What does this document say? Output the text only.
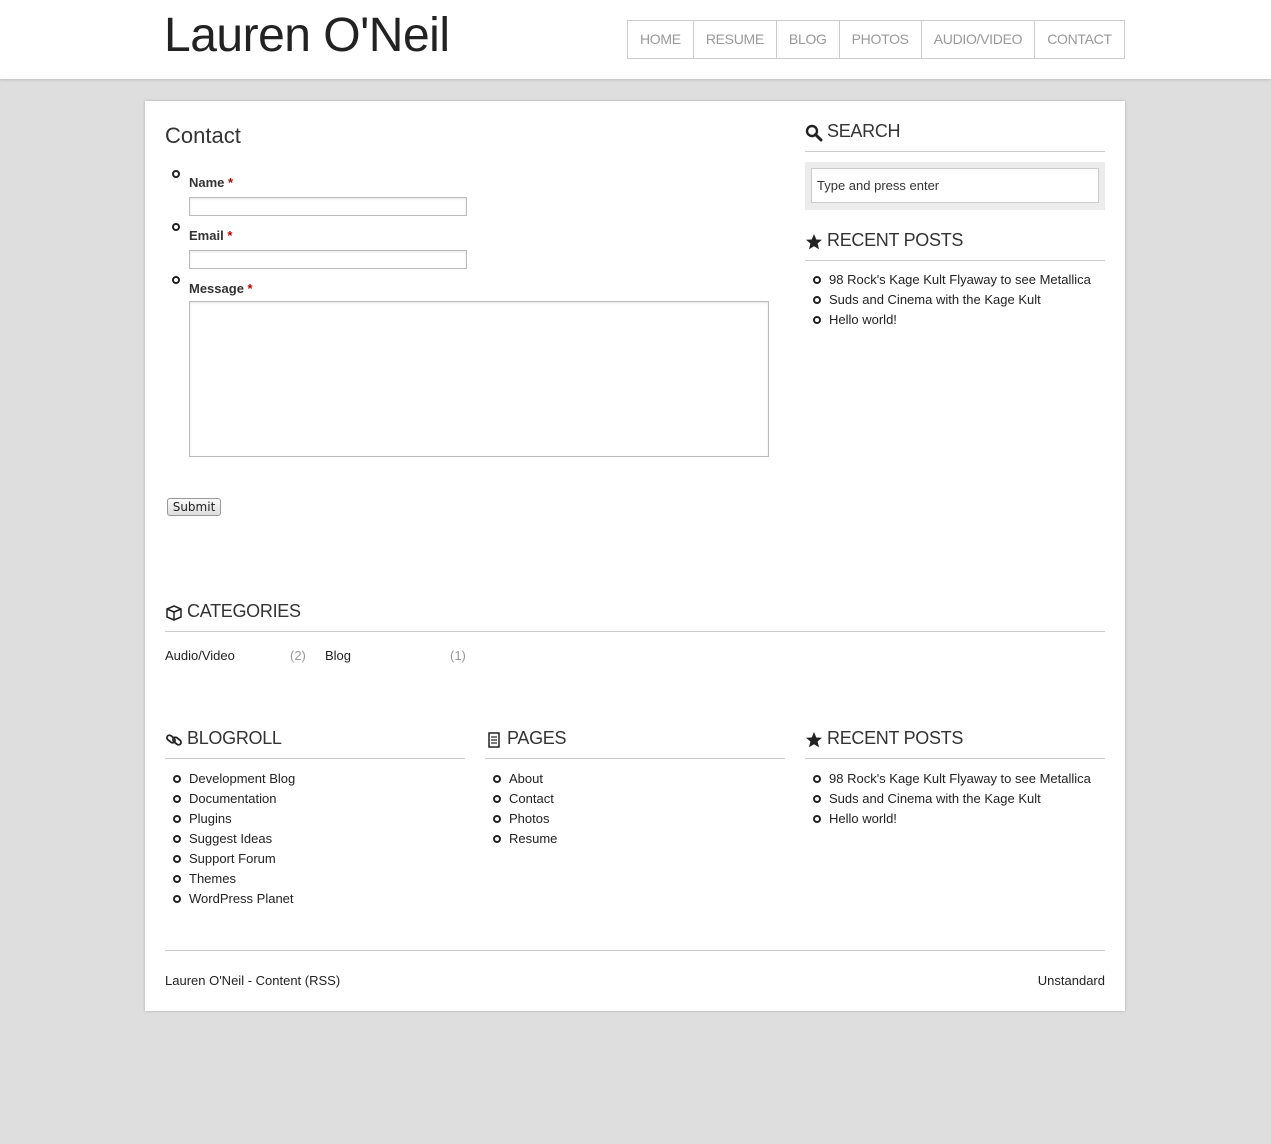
Lauren O'Neil	HOME	RESUME	BLOG	PHOTOS	AUDIO/VIDEO	CONTACT
Contact
Name *
Email *
Message *
Submit
SEARCH
Type and press enter
RECENT POSTS
98 Rock's Kage Kult Flyaway to see Metallica
Suds and Cinema with the Kage Kult
Hello world!
CATEGORIES
Audio/Video	(2) Blog	(1)
BLOGROLL
Development Blog
Documentation
Plugins
Suggest Ideas
Support Forum
Themes
WordPress Planet
PAGES
About
Contact
Photos
Resume
RECENT POSTS
98 Rock's Kage Kult Flyaway to see Metallica
Suds and Cinema with the Kage Kult
Hello world!
Lauren O'Neil - Content (RSS)	Unstandard
